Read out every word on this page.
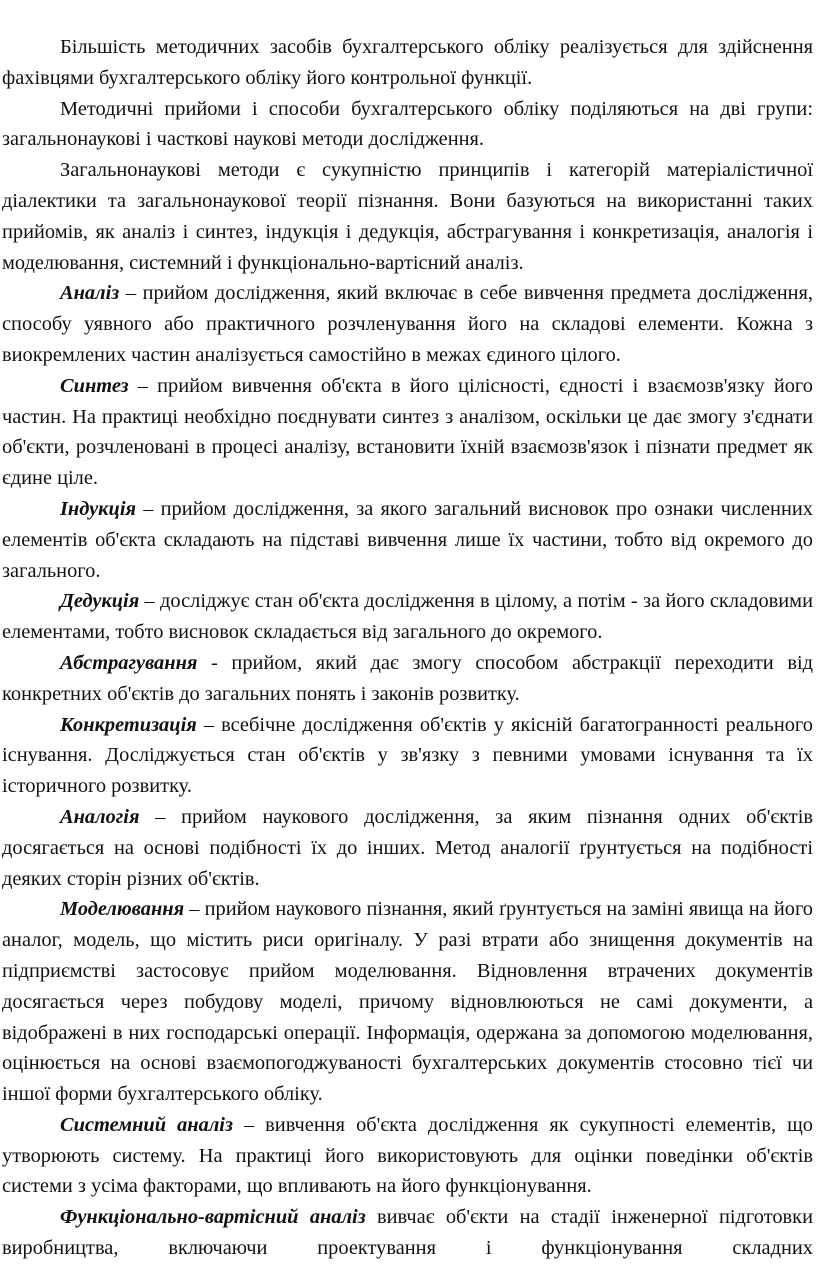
Більшість методичних засобів бухгалтерського обліку реалізується для здійснення фахівцями бухгалтерського обліку його контрольної функції.

Методичні прийоми і способи бухгалтерського обліку поділяються на дві групи: загальнонаукові і часткові наукові методи дослідження.

Загальнонаукові методи є сукупністю принципів і категорій матеріалістичної діалектики та загальнонаукової теорії пізнання. Вони базуються на використанні таких прийомів, як аналіз і синтез, індукція і дедукція, абстрагування і конкретизація, аналогія і моделювання, системний і функціонально-вартісний аналіз.

Аналіз – прийом дослідження, який включає в себе вивчення предмета дослідження, способу уявного або практичного розчленування його на складові елементи. Кожна з виокремлених частин аналізується самостійно в межах єдиного цілого.

Синтез – прийом вивчення об'єкта в його цілісності, єдності і взаємозв'язку його частин. На практиці необхідно поєднувати синтез з аналізом, оскільки це дає змогу з'єднати об'єкти, розчленовані в процесі аналізу, встановити їхній взаємозв'язок і пізнати предмет як єдине ціле.

Індукція – прийом дослідження, за якого загальний висновок про ознаки численних елементів об'єкта складають на підставі вивчення лише їх частини, тобто від окремого до загального.

Дедукція – досліджує стан об'єкта дослідження в цілому, а потім - за його складовими елементами, тобто висновок складається від загального до окремого.

Абстрагування - прийом, який дає змогу способом абстракції переходити від конкретних об'єктів до загальних понять і законів розвитку.

Конкретизація – всебічне дослідження об'єктів у якісній багатогранності реального існування. Досліджується стан об'єктів у зв'язку з певними умовами існування та їх історичного розвитку.

Аналогія – прийом наукового дослідження, за яким пізнання одних об'єктів досягається на основі подібності їх до інших. Метод аналогії ґрунтується на подібності деяких сторін різних об'єктів.

Моделювання – прийом наукового пізнання, який ґрунтується на заміні явища на його аналог, модель, що містить риси оригіналу. У разі втрати або знищення документів на підприємстві застосовує прийом моделювання. Відновлення втрачених документів досягається через побудову моделі, причому відновлюються не самі документи, а відображені в них господарські операції. Інформація, одержана за допомогою моделювання, оцінюється на основі взаємопогоджуваності бухгалтерських документів стосовно тієї чи іншої форми бухгалтерського обліку.

Системний аналіз – вивчення об'єкта дослідження як сукупності елементів, що утворюють систему. На практиці його використовують для оцінки поведінки об'єктів системи з усіма факторами, що впливають на його функціонування.

Функціонально-вартісний аналіз вивчає об'єкти на стадії інженерної підготовки виробництва, включаючи проектування і функціонування складних
